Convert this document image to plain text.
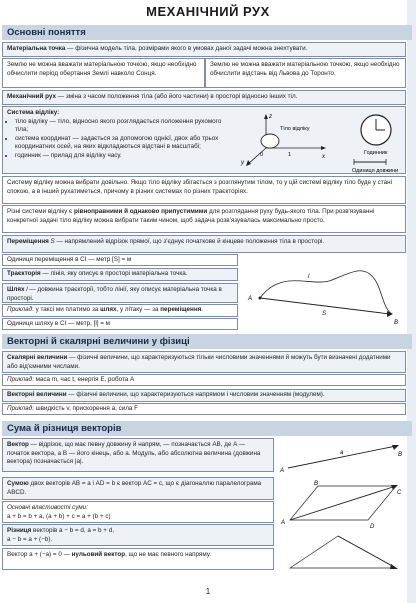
МЕХАНІЧНИЙ РУХ
Основні поняття
Матеріальна точка — фізична модель тіла, розмірами якого в умовах даної задачі можна знехтувати.
Землю не можна вважати матеріальною точкою, якщо необхідно обчислити період обертання Землі навколо Сонця.
Землю не можна вважати матеріальною точкою, якщо необхідно обчислити відстань від Львова до Торонто.
Механічний рух — зміна з часом положення тіла (або його частини) в просторі відносно інших тіл.
Система відліку:
• тіло відліку — тіло, відносно якого розглядається положення рухомого тіла;
• система координат — задається за допомогою однієї, двох або трьох координатних осей, на яких відкладаються відстані в масштабі;
• годинник — прилад для відліку часу.	x
y
z
0	1
Тіло відліку
Годинник
Одиниця довжини
Систему відліку можна вибрати довільно. Якщо тіло відліку збігається з розглянутим тілом, то у цій системі відліку тіло буде у стані спокою, а в інший рухатиметься, причому в різних системах по різних траєкторіях.
Різні системи відліку є рівноправними й однаково припустимими для розглядання руху будь-якого тіла. При розв'язуванні конкретної задачі тіло відліку можна вибрати таким чином, щоб задача розв'язувалась максимально просто.
Переміщення S — напрямлений відрізок прямої, що з'єднує початкове й кінцеве положення тіла в просторі.
Одиниця переміщення в СІ — метр [S] = м
Траєкторія — лінія, яку описує в просторі матеріальна точка.
Шлях l — довжина траєкторії, тобто лінії, яку описує матеріальна точка в просторі.
Приклад: у таксі ми платимо за шлях, у літаку — за переміщення.
Одиниця шляху в СІ — метр, [l] = м
A
B
l
S
Векторні й скалярні величини у фізиці
Скалярні величини — фізичні величини, що характеризуються тільки числовими значеннями й можуть бути визначені додатними або від'ємними числами.
Приклад: маса m, час t, енергія E, робота A
Векторні величини — фізичні величини, що характеризуються напрямом і числовим значенням (модулем).
Приклад: швидкість v, прискорення a, сила F
Сума й різниця векторів
Вектор — відрізок, що має певну довжину й напрям, — позначається AB, де A — початок вектора, а B — його кінець, або a. Модуль, або абсолютна величина (довжина вектора) позначається |a|.
A
B
a
Сумою двох векторів AB = a і AD = b є вектор AC = c, що є діагоналлю паралелограма ABCD.
Основні властивості суми:
a + b = b + a, (a + b) + c = a + (b + c)
Різниця векторів a − b = d, a = b + d,
a − b = a + (−b).
Вектор a + (−a) = 0 — нульовий вектор, що не має певного напряму.
A
B
C
D
1
